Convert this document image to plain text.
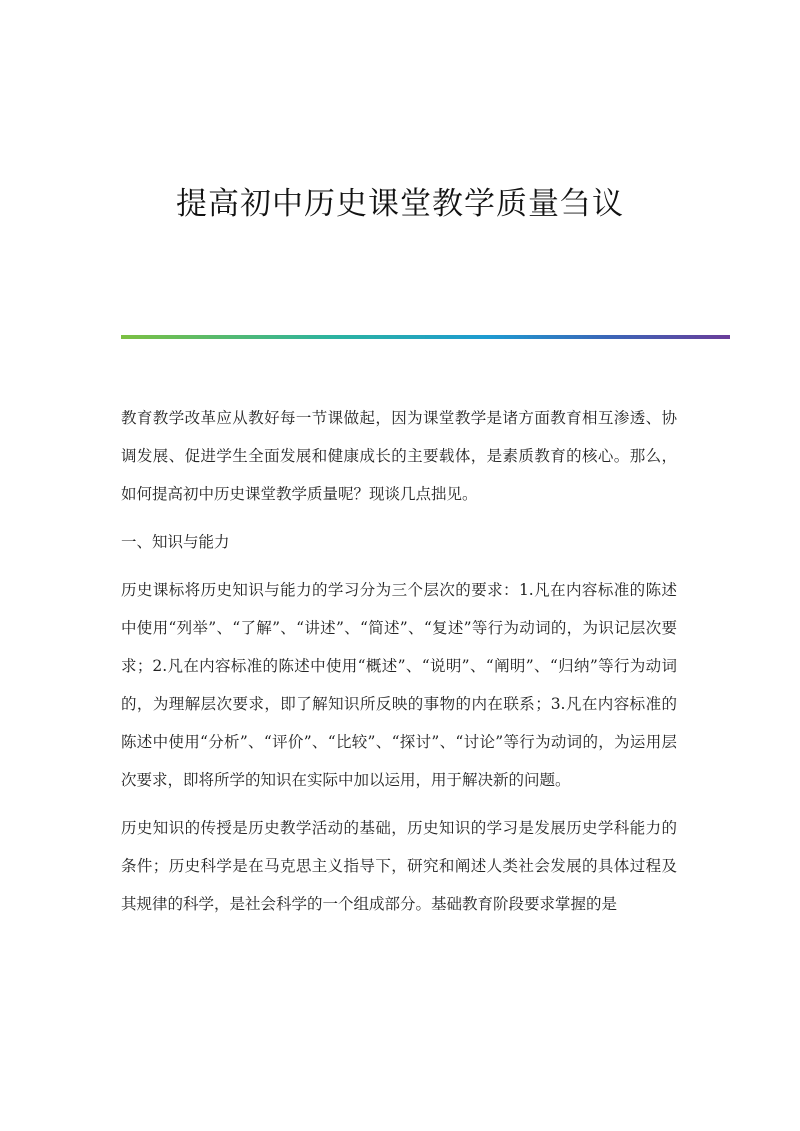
提高初中历史课堂教学质量刍议

教育教学改革应从教好每一节课做起，因为课堂教学是诸方面教育相互渗透、协调发展、促进学生全面发展和健康成长的主要载体，是素质教育的核心。那么，如何提高初中历史课堂教学质量呢？现谈几点拙见。

一、知识与能力

历史课标将历史知识与能力的学习分为三个层次的要求：1.凡在内容标准的陈述中使用“列举”、“了解”、“讲述”、“简述”、“复述”等行为动词的，为识记层次要求；2.凡在内容标准的陈述中使用“概述”、“说明”、“阐明”、“归纳”等行为动词的，为理解层次要求，即了解知识所反映的事物的内在联系；3.凡在内容标准的陈述中使用“分析”、“评价”、“比较”、“探讨”、“讨论”等行为动词的，为运用层次要求，即将所学的知识在实际中加以运用，用于解决新的问题。

历史知识的传授是历史教学活动的基础，历史知识的学习是发展历史学科能力的条件；历史科学是在马克思主义指导下，研究和阐述人类社会发展的具体过程及其规律的科学，是社会科学的一个组成部分。基础教育阶段要求掌握的是
